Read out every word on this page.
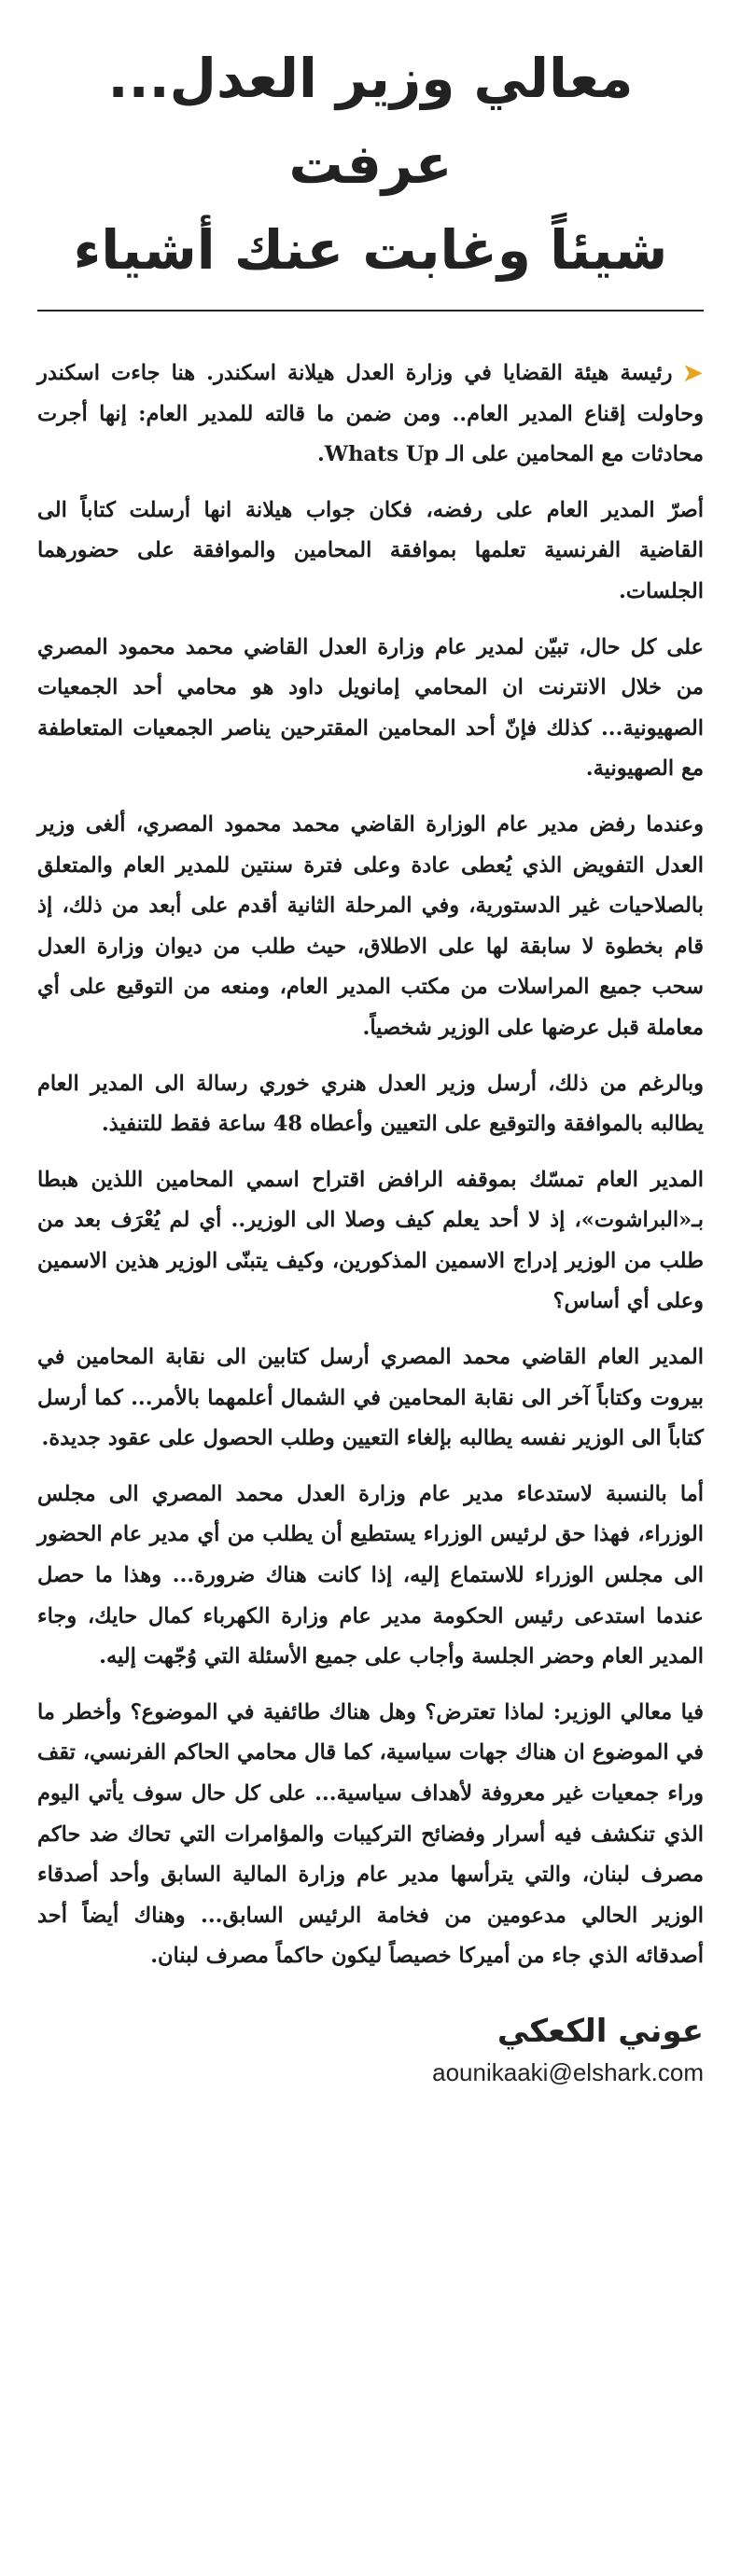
معالي وزير العدل... عرفت
شيئاً وغابت عنك أشياء

➤رئيسة هيئة القضايا في وزارة العدل هيلانة اسكندر. هنا جاءت اسكندر وحاولت إقناع المدير العام.. ومن ضمن ما قالته للمدير العام: إنها أجرت محادثات مع المحامين على الـ Whats Up.

أصرّ المدير العام على رفضه، فكان جواب هيلانة انها أرسلت كتاباً الى القاضية الفرنسية تعلمها بموافقة المحامين والموافقة على حضورهما الجلسات.

على كل حال، تبيّن لمدير عام وزارة العدل القاضي محمد محمود المصري من خلال الانترنت ان المحامي إمانويل داود هو محامي أحد الجمعيات الصهيونية... كذلك فإنّ أحد المحامين المقترحين يناصر الجمعيات المتعاطفة مع الصهيونية.

وعندما رفض مدير عام الوزارة القاضي محمد محمود المصري، ألغى وزير العدل التفويض الذي يُعطى عادة وعلى فترة سنتين للمدير العام والمتعلق بالصلاحيات غير الدستورية، وفي المرحلة الثانية أقدم على أبعد من ذلك، إذ قام بخطوة لا سابقة لها على الاطلاق، حيث طلب من ديوان وزارة العدل سحب جميع المراسلات من مكتب المدير العام، ومنعه من التوقيع على أي معاملة قبل عرضها على الوزير شخصياً.

وبالرغم من ذلك، أرسل وزير العدل هنري خوري رسالة الى المدير العام يطالبه بالموافقة والتوقيع على التعيين وأعطاه 48 ساعة فقط للتنفيذ.

المدير العام تمسّك بموقفه الرافض اقتراح اسمي المحامين اللذين هبطا بـ«البراشوت»، إذ لا أحد يعلم كيف وصلا الى الوزير.. أي لم يُعْرَف بعد من طلب من الوزير إدراج الاسمين المذكورين، وكيف يتبنّى الوزير هذين الاسمين وعلى أي أساس؟

المدير العام القاضي محمد المصري أرسل كتابين الى نقابة المحامين في بيروت وكتاباً آخر الى نقابة المحامين في الشمال أعلمهما بالأمر... كما أرسل كتاباً الى الوزير نفسه يطالبه بإلغاء التعيين وطلب الحصول على عقود جديدة.

أما بالنسبة لاستدعاء مدير عام وزارة العدل محمد المصري الى مجلس الوزراء، فهذا حق لرئيس الوزراء يستطيع أن يطلب من أي مدير عام الحضور الى مجلس الوزراء للاستماع إليه، إذا كانت هناك ضرورة... وهذا ما حصل عندما استدعى رئيس الحكومة مدير عام وزارة الكهرباء كمال حايك، وجاء المدير العام وحضر الجلسة وأجاب على جميع الأسئلة التي وُجّهت إليه.

فيا معالي الوزير: لماذا تعترض؟ وهل هناك طائفية في الموضوع؟ وأخطر ما في الموضوع ان هناك جهات سياسية، كما قال محامي الحاكم الفرنسي، تقف وراء جمعيات غير معروفة لأهداف سياسية... على كل حال سوف يأتي اليوم الذي تنكشف فيه أسرار وفضائح التركيبات والمؤامرات التي تحاك ضد حاكم مصرف لبنان، والتي يترأسها مدير عام وزارة المالية السابق وأحد أصدقاء الوزير الحالي مدعومين من فخامة الرئيس السابق... وهناك أيضاً أحد أصدقائه الذي جاء من أميركا خصيصاً ليكون حاكماً مصرف لبنان.

عوني الكعكي
aounikaaki@elshark.com
